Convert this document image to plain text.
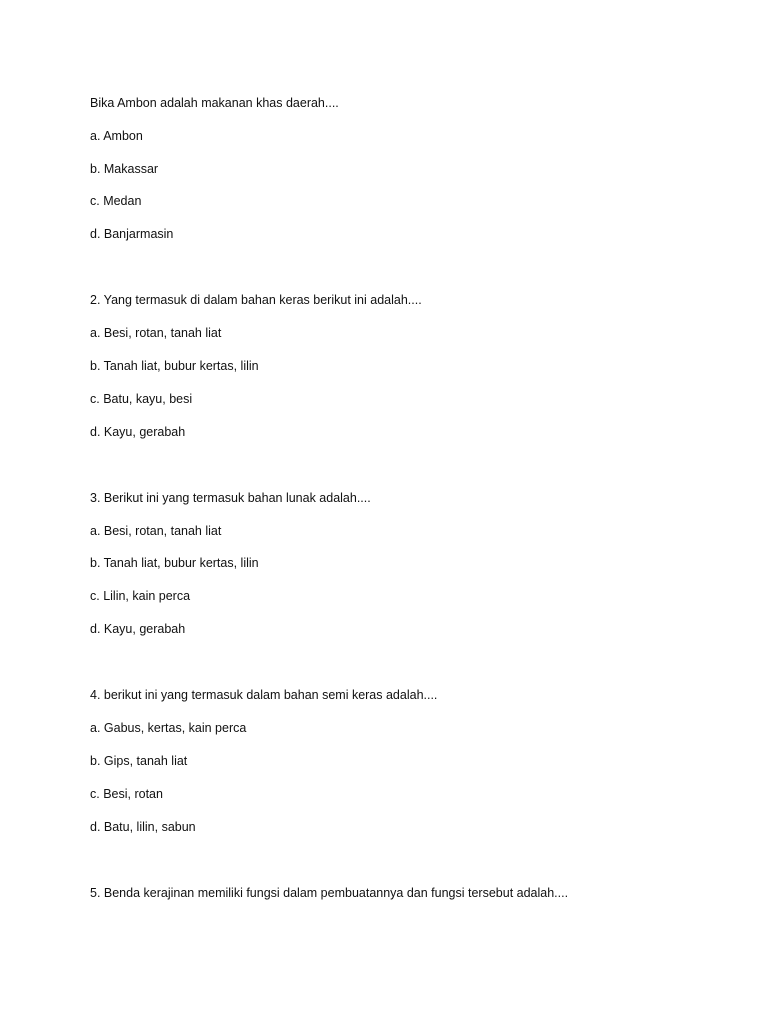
Bika Ambon adalah makanan khas daerah....
a. Ambon
b. Makassar
c. Medan
d. Banjarmasin
2. Yang termasuk di dalam bahan keras berikut ini adalah....
a. Besi, rotan, tanah liat
b. Tanah liat, bubur kertas, lilin
c. Batu, kayu, besi
d. Kayu, gerabah
3. Berikut ini yang termasuk bahan lunak adalah....
a. Besi, rotan, tanah liat
b. Tanah liat, bubur kertas, lilin
c. Lilin, kain perca
d. Kayu, gerabah
4. berikut ini yang termasuk dalam bahan semi keras adalah....
a. Gabus, kertas, kain perca
b. Gips, tanah liat
c. Besi, rotan
d. Batu, lilin, sabun
5. Benda kerajinan memiliki fungsi dalam pembuatannya dan fungsi tersebut adalah....
